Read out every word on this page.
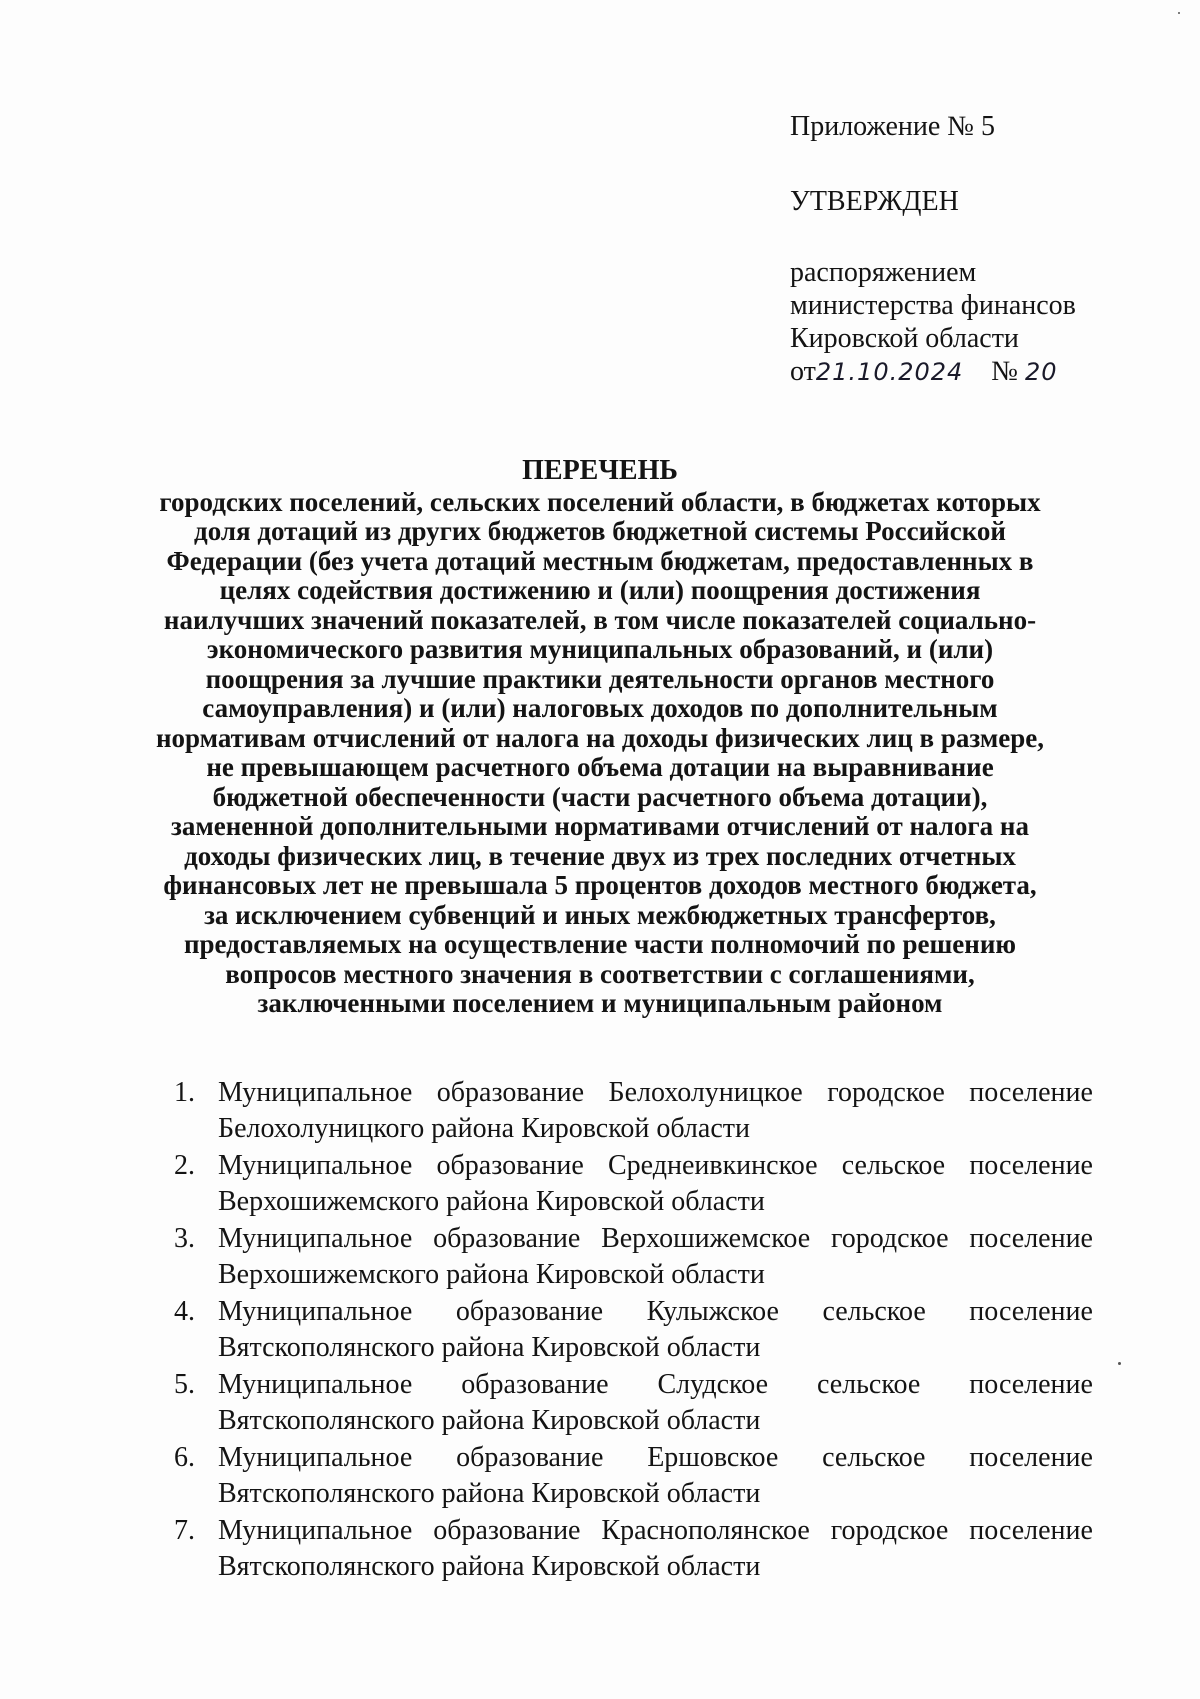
Приложение № 5
УТВЕРЖДЕН
распоряжением
министерства финансов
Кировской области
от21.10.2024 № 20
ПЕРЕЧЕНЬ
городских поселений, сельских поселений области, в бюджетах которых доля дотаций из других бюджетов бюджетной системы Российской Федерации (без учета дотаций местным бюджетам, предоставленных в целях содействия достижению и (или) поощрения достижения наилучших значений показателей, в том числе показателей социально-экономического развития муниципальных образований, и (или) поощрения за лучшие практики деятельности органов местного самоуправления) и (или) налоговых доходов по дополнительным нормативам отчислений от налога на доходы физических лиц в размере, не превышающем расчетного объема дотации на выравнивание бюджетной обеспеченности (части расчетного объема дотации), замененной дополнительными нормативами отчислений от налога на доходы физических лиц, в течение двух из трех последних отчетных финансовых лет не превышала 5 процентов доходов местного бюджета, за исключением субвенций и иных межбюджетных трансфертов, предоставляемых на осуществление части полномочий по решению вопросов местного значения в соответствии с соглашениями, заключенными поселением и муниципальным районом
1. Муниципальное образование Белохолуницкое городское поселение
Белохолуницкого района Кировской области
2. Муниципальное образование Среднеивкинское сельское поселение
Верхошижемского района Кировской области
3. Муниципальное образование Верхошижемское городское поселение
Верхошижемского района Кировской области
4. Муниципальное образование Кулыжское сельское поселение
Вятскополянского района Кировской области
5. Муниципальное образование Слудское сельское поселение
Вятскополянского района Кировской области
6. Муниципальное образование Ершовское сельское поселение
Вятскополянского района Кировской области
7. Муниципальное образование Краснополянское городское поселение
Вятскополянского района Кировской области
